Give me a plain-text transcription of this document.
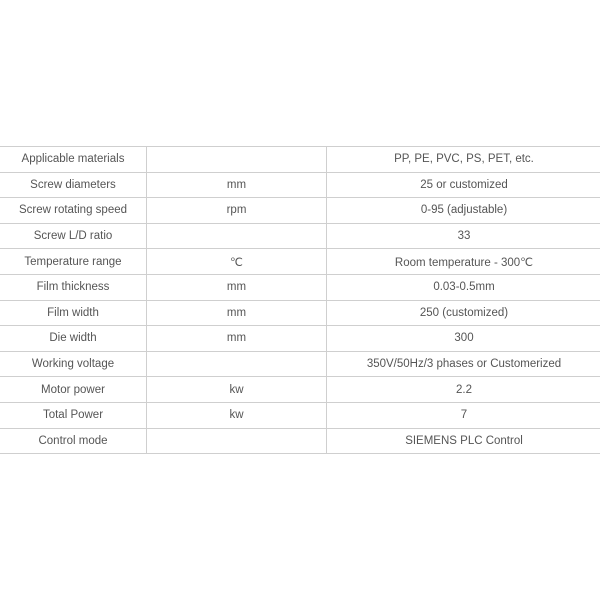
Applicable materials		PP, PE, PVC, PS, PET, etc.
Screw diameters	mm	25 or customized
Screw rotating speed	rpm	0-95 (adjustable)
Screw L/D ratio		33
Temperature range	℃	Room temperature - 300℃
Film thickness	mm	0.03-0.5mm
Film width	mm	250 (customized)
Die width	mm	300
Working voltage		350V/50Hz/3 phases or Customerized
Motor power	kw	2.2
Total Power	kw	7
Control mode		SIEMENS PLC Control
